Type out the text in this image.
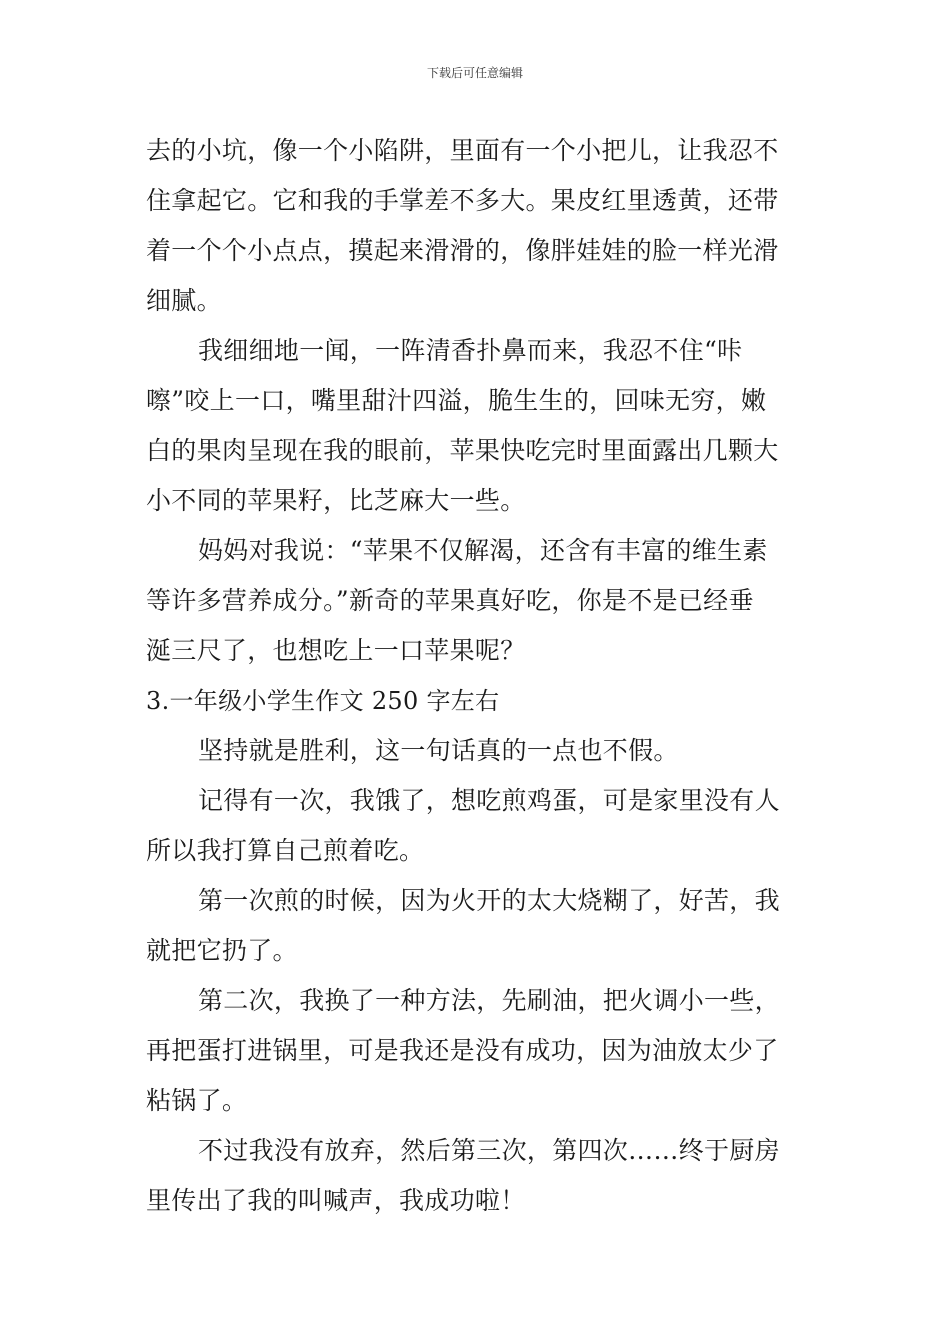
下载后可任意编辑
去的小坑，像一个小陷阱，里面有一个小把儿，让我忍不
住拿起它。它和我的手掌差不多大。果皮红里透黄，还带
着一个个小点点，摸起来滑滑的，像胖娃娃的脸一样光滑
细腻。
我细细地一闻，一阵清香扑鼻而来，我忍不住“咔
嚓”咬上一口，嘴里甜汁四溢，脆生生的，回味无穷，嫩
白的果肉呈现在我的眼前，苹果快吃完时里面露出几颗大
小不同的苹果籽，比芝麻大一些。
妈妈对我说：“苹果不仅解渴，还含有丰富的维生素
等许多营养成分。”新奇的苹果真好吃，你是不是已经垂
涎三尺了，也想吃上一口苹果呢？
3.一年级小学生作文 250 字左右
坚持就是胜利，这一句话真的一点也不假。
记得有一次，我饿了，想吃煎鸡蛋，可是家里没有人
所以我打算自己煎着吃。
第一次煎的时候，因为火开的太大烧糊了，好苦，我
就把它扔了。
第二次，我换了一种方法，先刷油，把火调小一些，
再把蛋打进锅里，可是我还是没有成功，因为油放太少了
粘锅了。
不过我没有放弃，然后第三次，第四次……终于厨房
里传出了我的叫喊声，我成功啦！
